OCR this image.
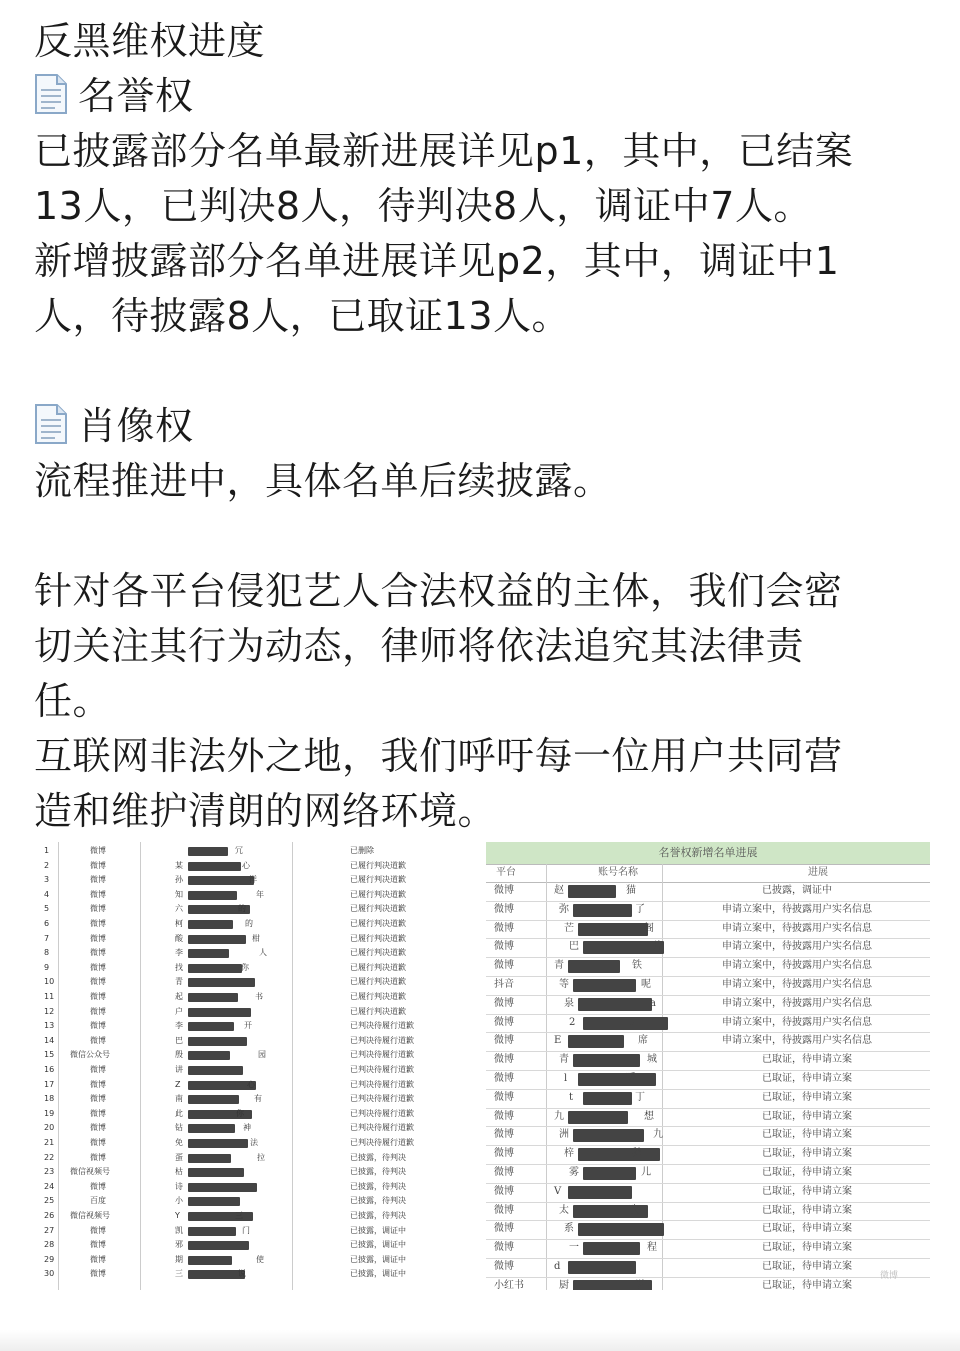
反黑维权进度
名誉权
已披露部分名单最新进展详见p1，其中，已结案
13人，已判决8人，待判决8人，调证中7人。
新增披露部分名单进展详见p2，其中，调证中1
人，待披露8人，已取证13人。
肖像权
流程推进中，具体名单后续披露。
针对各平台侵犯艺人合法权益的主体，我们会密
切关注其行为动态，律师将依法追究其法律责
任。
互联网非法外之地，我们呼吁每一位用户共同营
造和维护清朗的网络环境。
1	微博	冗	已删除
2	微博	某	心	已履行判决道歉
3	微博	孙	洋	已履行判决道歉
4	微博	知	年	已履行判决道歉
5	微博	六	的	已履行判决道歉
6	微博	柯	的	已履行判决道歉
7	微博	酸	柑	已履行判决道歉
8	微博	李	人	已履行判决道歉
9	微博	找	你	已履行判决道歉
10	微博	青	已履行判决道歉
11	微博	起	书	已履行判决道歉
12	微博	户	已履行判决道歉
13	微博	李	开	已判决待履行道歉
14	微博	巴	已判决待履行道歉
15 微信公众号	殷	园	已判决待履行道歉
16	微博	讲	已判决待履行道歉
17	微博	Z	心	已判决待履行道歉
18	微博	南	有	已判决待履行道歉
19	微博	此	你	已判决待履行道歉
20	微博	钻	神	已判决待履行道歉
21	微博	免	法	已判决待履行道歉
22	微博	蛋	拉	已披露，待判决
23 微信视频号	枯	已披露，待判决
24	微博	诗	已披露，待判决
25	百度	小	已披露，待判决
26 微信视频号	Y	三	已披露，待判决
27	微博	凯	门	已披露，调证中
28	微博	邪	已披露，调证中
29	微博	期	使	已披露，调证中
30	微博	三	说	已披露，调证中
名誉权新增名单进展
平台	账号名称	进展
微博	赵	猫	已披露，调证中
微博	弥	了	申请立案中，待披露用户实名信息
微博	芒	阁	申请立案中，待披露用户实名信息
微博	巴	片	申请立案中，待披露用户实名信息
微博	青	铁	申请立案中，待披露用户实名信息
抖音	等	呢	申请立案中，待披露用户实名信息
微博	泉	a	申请立案中，待披露用户实名信息
微博	2	s	申请立案中，待披露用户实名信息
微博	E	席	申请立案中，待披露用户实名信息
微博	青	城	已取证，待申请立案
微博	l	暖	已取证，待申请立案
微博	t	丁	已取证，待申请立案
微博	九	想	已取证，待申请立案
微博	洲	九	已取证，待申请立案
微博	梓	鹅	已取证，待申请立案
微博	雾	儿	已取证，待申请立案
微博	V	已取证，待申请立案
微博	太	吹	已取证，待申请立案
微博	系	已取证，待申请立案
微博	一	程	已取证，待申请立案
微博	d	3	已取证，待申请立案
小红书	厨	说	已取证，待申请立案
微博
